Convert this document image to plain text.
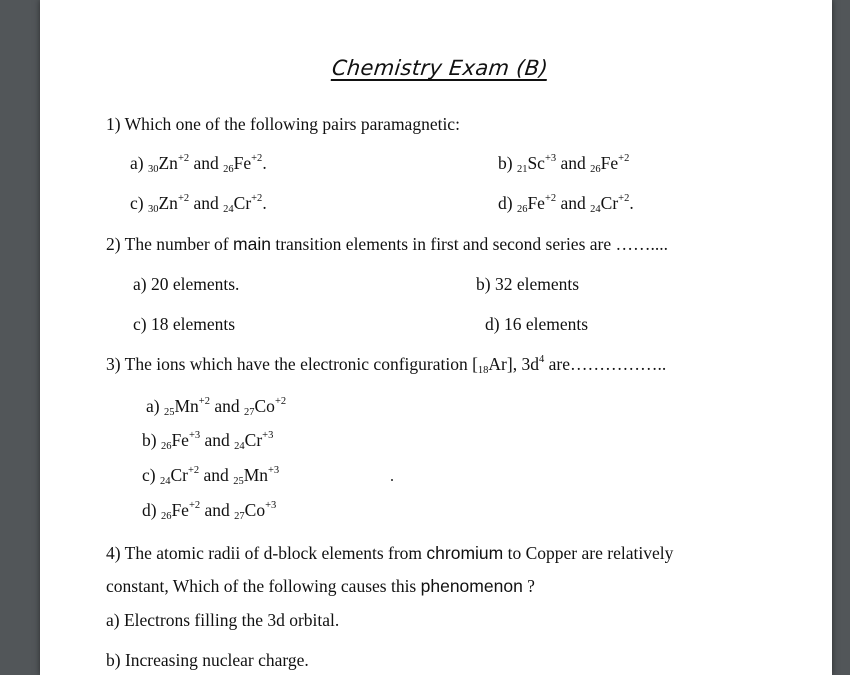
Chemistry Exam (B)
1) Which one of the following pairs paramagnetic:
a) $_{30}Zn^{+2}$ and $_{26}Fe^{+2}$.	b) $_{21}Sc^{+3}$ and $_{26}Fe^{+2}$
c) $_{30}Zn^{+2}$ and $_{24}Cr^{+2}$.	d) $_{26}Fe^{+2}$ and $_{24}Cr^{+2}$.
2) The number of main transition elements in first and second series are ……....
a) 20 elements.	b) 32 elements
c) 18 elements	d) 16 elements
3) The ions which have the electronic configuration $[_{18}Ar]$, $3d^4$ are……………..
a) $_{25}Mn^{+2}$ and $_{27}Co^{+2}$
b) $_{26}Fe^{+3}$ and $_{24}Cr^{+3}$
c) $_{24}Cr^{+2}$ and $_{25}Mn^{+3}$
d) $_{26}Fe^{+2}$ and $_{27}Co^{+3}$
4) The atomic radii of d-block elements from chromium to Copper are relatively
constant, Which of the following causes this phenomenon ?
a) Electrons filling the 3d orbital.
b) Increasing nuclear charge.
